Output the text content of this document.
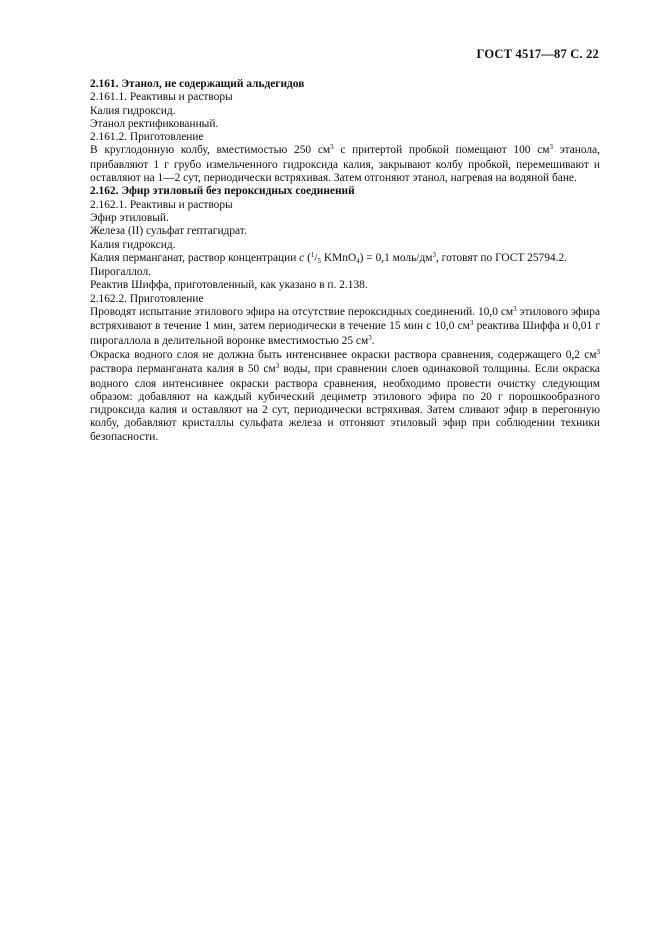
ГОСТ 4517—87 С. 22

2.161. Этанол, не содержащий альдегидов

2.161.1. Реактивы и растворы

Калия гидроксид.

Этанол ректификованный.

2.161.2. Приготовление

В круглодонную колбу, вместимостью 250 $см^3$ с притертой пробкой помещают 100 $см^3$ этанола, прибавляют 1 г грубо измельченного гидроксида калия, закрывают колбу пробкой, перемешивают и оставляют на 1—2 сут, периодически встряхивая. Затем отгоняют этанол, нагревая на водяной бане.

2.162. Эфир этиловый без пероксидных соединений

2.162.1. Реактивы и растворы

Эфир этиловый.

Железа (II) сульфат гептагидрат.

Калия гидроксид.

Калия перманганат, раствор концентрации c ($^1/_5$ KMnO$_4$) = 0,1 моль/$дм^3$, готовят по ГОСТ 25794.2.

Пирогаллол.

Реактив Шиффа, приготовленный, как указано в п. 2.138.

2.162.2. Приготовление

Проводят испытание этилового эфира на отсутствие пероксидных соединений. 10,0 $см^3$ этилового эфира встряхивают в течение 1 мин, затем периодически в течение 15 мин с 10,0 $см^3$ реактива Шиффа и 0,01 г пирогаллола в делительной воронке вместимостью 25 $см^3$.

Окраска водного слоя не должна быть интенсивнее окраски раствора сравнения, содержащего 0,2 $см^3$ раствора перманганата калия в 50 $см^3$ воды, при сравнении слоев одинаковой толщины. Если окраска водного слоя интенсивнее окраски раствора сравнения, необходимо провести очистку следующим образом: добавляют на каждый кубический дециметр этилового эфира по 20 г порошкообразного гидроксида калия и оставляют на 2 сут, периодически встряхивая. Затем сливают эфир в перегонную колбу, добавляют кристаллы сульфата железа и отгоняют этиловый эфир при соблюдении техники безопасности.
